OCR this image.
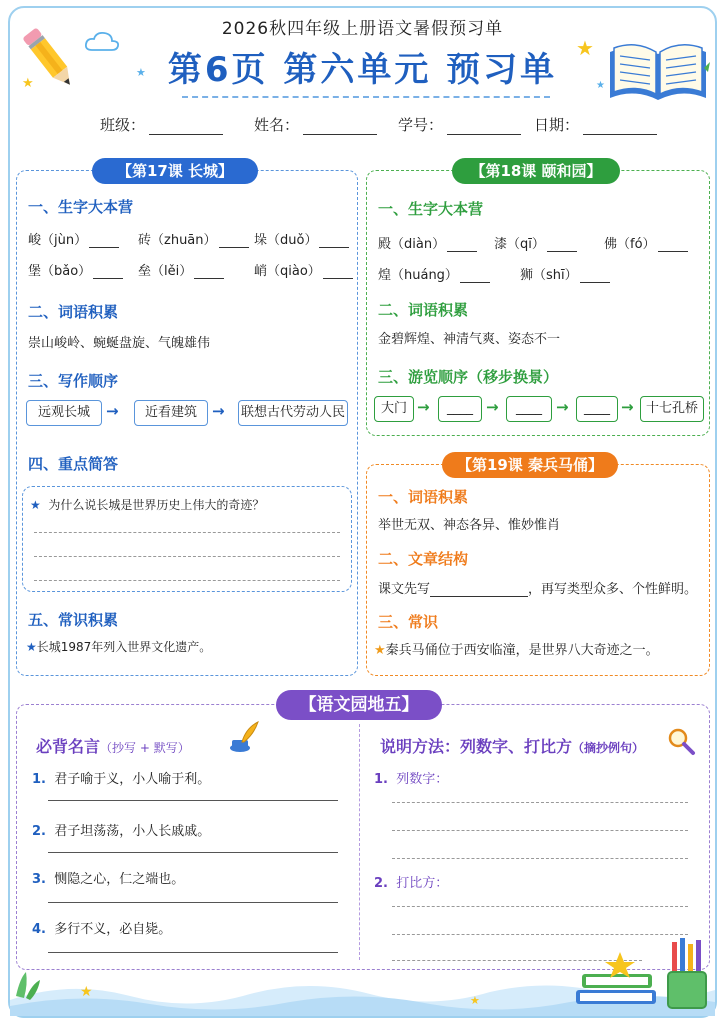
★
★
★
★
2026秋四年级上册语文暑假预习单
第6页 第六单元 预习单
班级：	姓名：	学号：	日期：
【第17课 长城】
一、生字大本营
峻（jùn）	砖（zhuān）	垛（duǒ）
堡（bǎo）	垒（lěi）	峭（qiào）
二、词语积累
崇山峻岭、蜿蜒盘旋、气魄雄伟
三、写作顺序
远观长城	→	近看建筑	→ 联想古代劳动人民
四、重点简答
★ 为什么说长城是世界历史上伟大的奇迹？
五、常识积累
★长城1987年列入世界文化遗产。
【第18课 颐和园】
一、生字大本营
殿（diàn）	漆（qī）	佛（fó）
煌（huáng）	狮（shī）
二、词语积累
金碧辉煌、神清气爽、姿态不一
三、游览顺序（移步换景）
大门 →	____ →	____ →	____ → 十七孔桥
【第19课 秦兵马俑】
一、词语积累
举世无双、神态各异、惟妙惟肖
二、文章结构
课文先写	，再写类型众多、个性鲜明。
三、常识
★秦兵马俑位于西安临潼，是世界八大奇迹之一。
【语文园地五】
必背名言（抄写 + 默写）
1. 君子喻于义，小人喻于利。
2. 君子坦荡荡，小人长戚戚。
3. 恻隐之心，仁之端也。
4. 多行不义，必自毙。
说明方法：列数字、打比方（摘抄例句）
1. 列数字：
2. 打比方：
★
★
